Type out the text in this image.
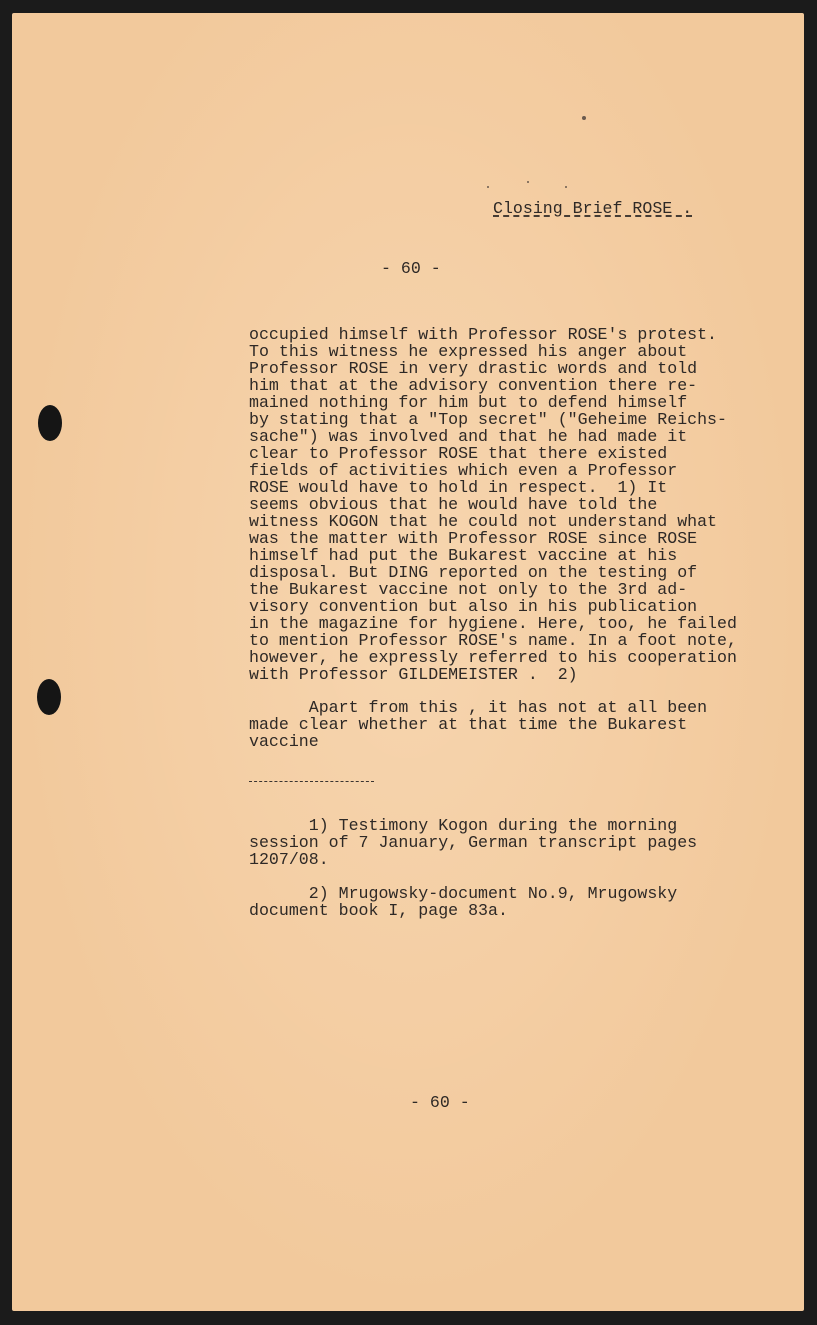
Closing Brief ROSE .

- 60 -

occupied himself with Professor ROSE's protest.
To this witness he expressed his anger about
Professor ROSE in very drastic words and told
him that at the advisory convention there re-
mained nothing for him but to defend himself
by stating that a "Top secret" ("Geheime Reichs-
sache") was involved and that he had made it
clear to Professor ROSE that there existed
fields of activities which even a Professor
ROSE would have to hold in respect.  1) It
seems obvious that he would have told the
witness KOGON that he could not understand what
was the matter with Professor ROSE since ROSE
himself had put the Bukarest vaccine at his
disposal. But DING reported on the testing of
the Bukarest vaccine not only to the 3rd ad-
visory convention but also in his publication
in the magazine for hygiene. Here, too, he failed
to mention Professor ROSE's name. In a foot note,
however, he expressly referred to his cooperation
with Professor GILDEMEISTER .  2)

Apart from this , it has not at all been
made clear whether at that time the Bukarest
vaccine

1) Testimony Kogon during the morning
session of 7 January, German transcript pages
1207/08.

2) Mrugowsky-document No.9, Mrugowsky
document book I, page 83a.

- 60 -
